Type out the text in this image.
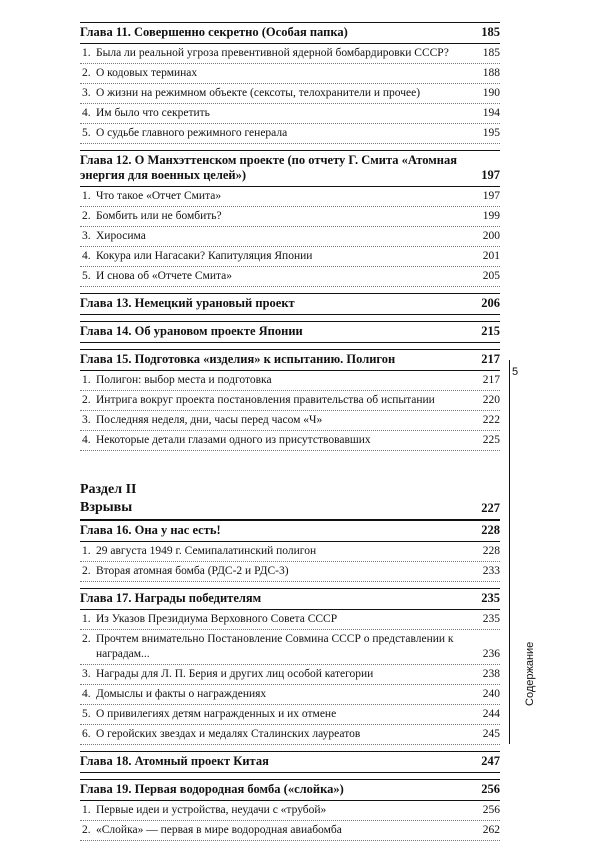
Глава 11. Совершенно секретно (Особая папка)	185
1. Была ли реальной угроза превентивной ядерной бомбардировки СССР?	185
2. О кодовых терминах	188
3. О жизни на режимном объекте (сексоты, телохранители и прочее)	190
4. Им было что секретить	194
5. О судьбе главного режимного генерала	195
Глава 12. О Манхэттенском проекте (по отчету Г. Смита «Атомная энергия для военных целей»)	197
1. Что такое «Отчет Смита»	197
2. Бомбить или не бомбить?	199
3. Хиросима	200
4. Кокура или Нагасаки? Капитуляция Японии	201
5. И снова об «Отчете Смита»	205
Глава 13. Немецкий урановый проект	206
Глава 14. Об урановом проекте Японии	215
Глава 15. Подготовка «изделия» к испытанию. Полигон	217
1. Полигон: выбор места и подготовка	217
2. Интрига вокруг проекта постановления правительства об испытании	220
3. Последняя неделя, дни, часы перед часом «Ч»	222
4. Некоторые детали глазами одного из присутствовавших	225
Раздел II
Взрывы	227
Глава 16. Она у нас есть!	228
1. 29 августа 1949 г. Семипалатинский полигон	228
2. Вторая атомная бомба (РДС-2 и РДС-3)	233
Глава 17. Награды победителям	235
1. Из Указов Президиума Верховного Совета СССР	235
2. Прочтем внимательно Постановление Совмина СССР о представлении к наградам...	236
3. Награды для Л. П. Берия и других лиц особой категории	238
4. Домыслы и факты о награждениях	240
5. О привилегиях детям награжденных и их отмене	244
6. О геройских звездах и медалях Сталинских лауреатов	245
Глава 18. Атомный проект Китая	247
Глава 19. Первая водородная бомба («слойка»)	256
1. Первые идеи и устройства, неудачи с «трубой»	256
2. «Слойка» — первая в мире водородная авиабомба	262
5
Содержание
